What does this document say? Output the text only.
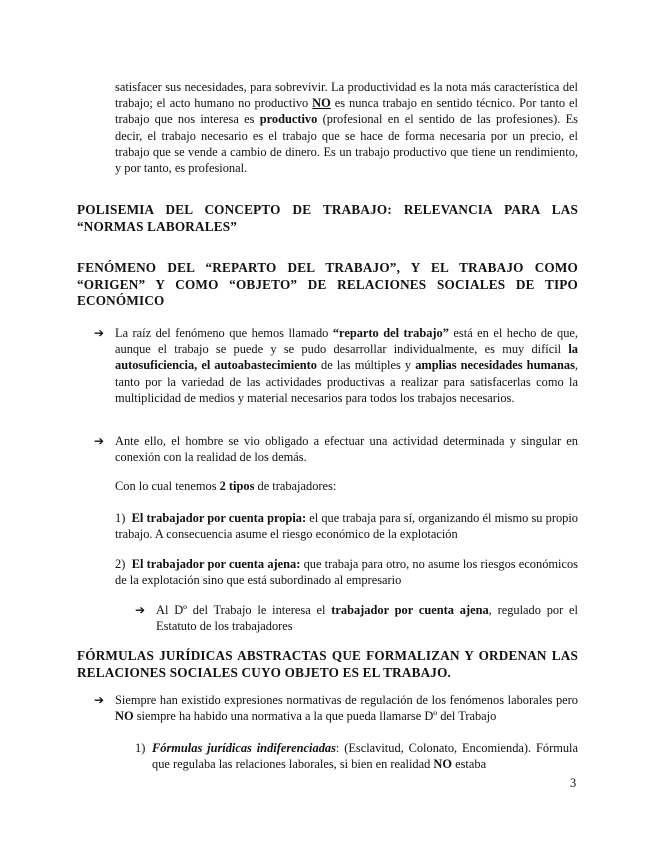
satisfacer sus necesidades, para sobrevivir. La productividad es la nota más característica del trabajo; el acto humano no productivo NO es nunca trabajo en sentido técnico. Por tanto el trabajo que nos interesa es productivo (profesional en el sentido de las profesiones). Es decir, el trabajo necesario es el trabajo que se hace de forma necesaria por un precio, el trabajo que se vende a cambio de dinero. Es un trabajo productivo que tiene un rendimiento, y por tanto, es profesional.

POLISEMIA DEL CONCEPTO DE TRABAJO: RELEVANCIA PARA LAS “NORMAS LABORALES”

FENÓMENO DEL “REPARTO DEL TRABAJO”, Y EL TRABAJO COMO “ORIGEN” Y COMO “OBJETO” DE RELACIONES SOCIALES DE TIPO ECONÓMICO

➔ La raíz del fenómeno que hemos llamado “reparto del trabajo” está en el hecho de que, aunque el trabajo se puede y se pudo desarrollar individualmente, es muy difícil la autosuficiencia, el autoabastecimiento de las múltiples y amplias necesidades humanas, tanto por la variedad de las actividades productivas a realizar para satisfacerlas como la multiplicidad de medios y material necesarios para todos los trabajos necesarios.

➔ Ante ello, el hombre se vio obligado a efectuar una actividad determinada y singular en conexión con la realidad de los demás.

Con lo cual tenemos 2 tipos de trabajadores:

1) El trabajador por cuenta propia: el que trabaja para sí, organizando él mismo su propio trabajo. A consecuencia asume el riesgo económico de la explotación

2) El trabajador por cuenta ajena: que trabaja para otro, no asume los riesgos económicos de la explotación sino que está subordinado al empresario

➔ Al Dº del Trabajo le interesa el trabajador por cuenta ajena, regulado por el Estatuto de los trabajadores

FÓRMULAS JURÍDICAS ABSTRACTAS QUE FORMALIZAN Y ORDENAN LAS RELACIONES SOCIALES CUYO OBJETO ES EL TRABAJO.

➔ Siempre han existido expresiones normativas de regulación de los fenómenos laborales pero NO siempre ha habido una normativa a la que pueda llamarse Dº del Trabajo

1) Fórmulas jurídicas indiferenciadas: (Esclavitud, Colonato, Encomienda). Fórmula que regulaba las relaciones laborales, si bien en realidad NO estaba

3
